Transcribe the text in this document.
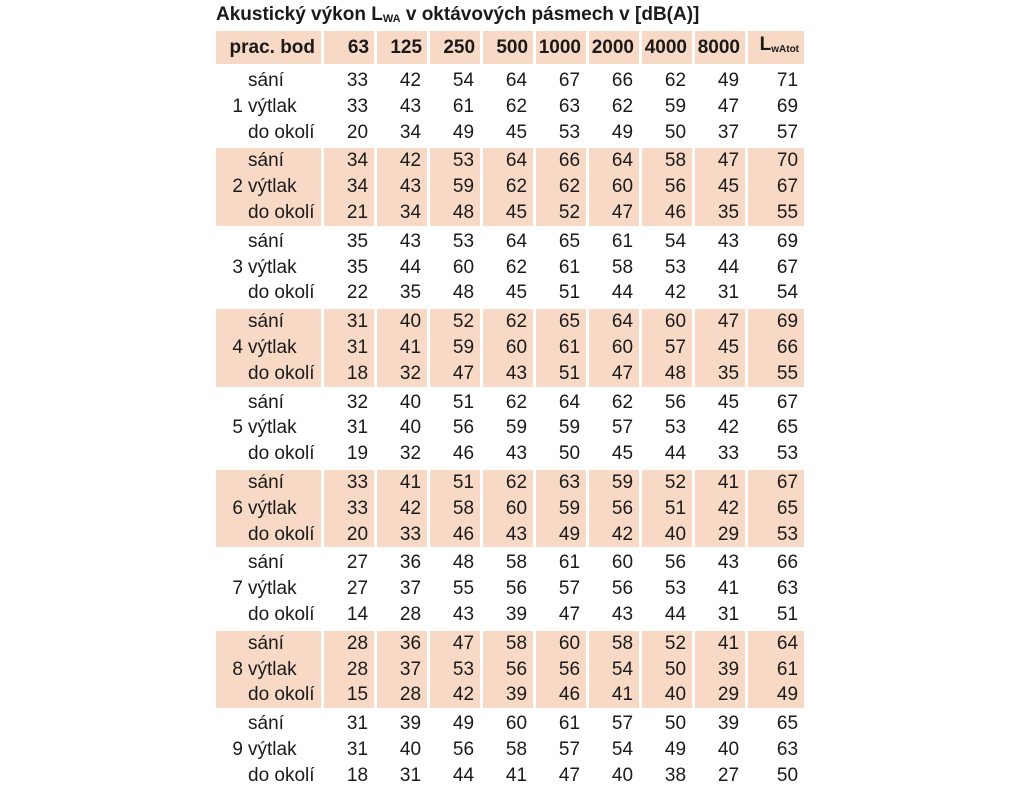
Akustický výkon LWA v oktávových pásmech v [dB(A)]
prac. bod		63	125	250	500	1000	2000	4000	8000	$L_{wAtot}$
	sání	33	42	54	64	67	66	62	49	71
1	výtlak	33	43	61	62	63	62	59	47	69
	do okolí	20	34	49	45	53	49	50	37	57
	sání	34	42	53	64	66	64	58	47	70
2	výtlak	34	43	59	62	62	60	56	45	67
	do okolí	21	34	48	45	52	47	46	35	55
	sání	35	43	53	64	65	61	54	43	69
3	výtlak	35	44	60	62	61	58	53	44	67
	do okolí	22	35	48	45	51	44	42	31	54
	sání	31	40	52	62	65	64	60	47	69
4	výtlak	31	41	59	60	61	60	57	45	66
	do okolí	18	32	47	43	51	47	48	35	55
	sání	32	40	51	62	64	62	56	45	67
5	výtlak	31	40	56	59	59	57	53	42	65
	do okolí	19	32	46	43	50	45	44	33	53
	sání	33	41	51	62	63	59	52	41	67
6	výtlak	33	42	58	60	59	56	51	42	65
	do okolí	20	33	46	43	49	42	40	29	53
	sání	27	36	48	58	61	60	56	43	66
7	výtlak	27	37	55	56	57	56	53	41	63
	do okolí	14	28	43	39	47	43	44	31	51
	sání	28	36	47	58	60	58	52	41	64
8	výtlak	28	37	53	56	56	54	50	39	61
	do okolí	15	28	42	39	46	41	40	29	49
	sání	31	39	49	60	61	57	50	39	65
9	výtlak	31	40	56	58	57	54	49	40	63
	do okolí	18	31	44	41	47	40	38	27	50
